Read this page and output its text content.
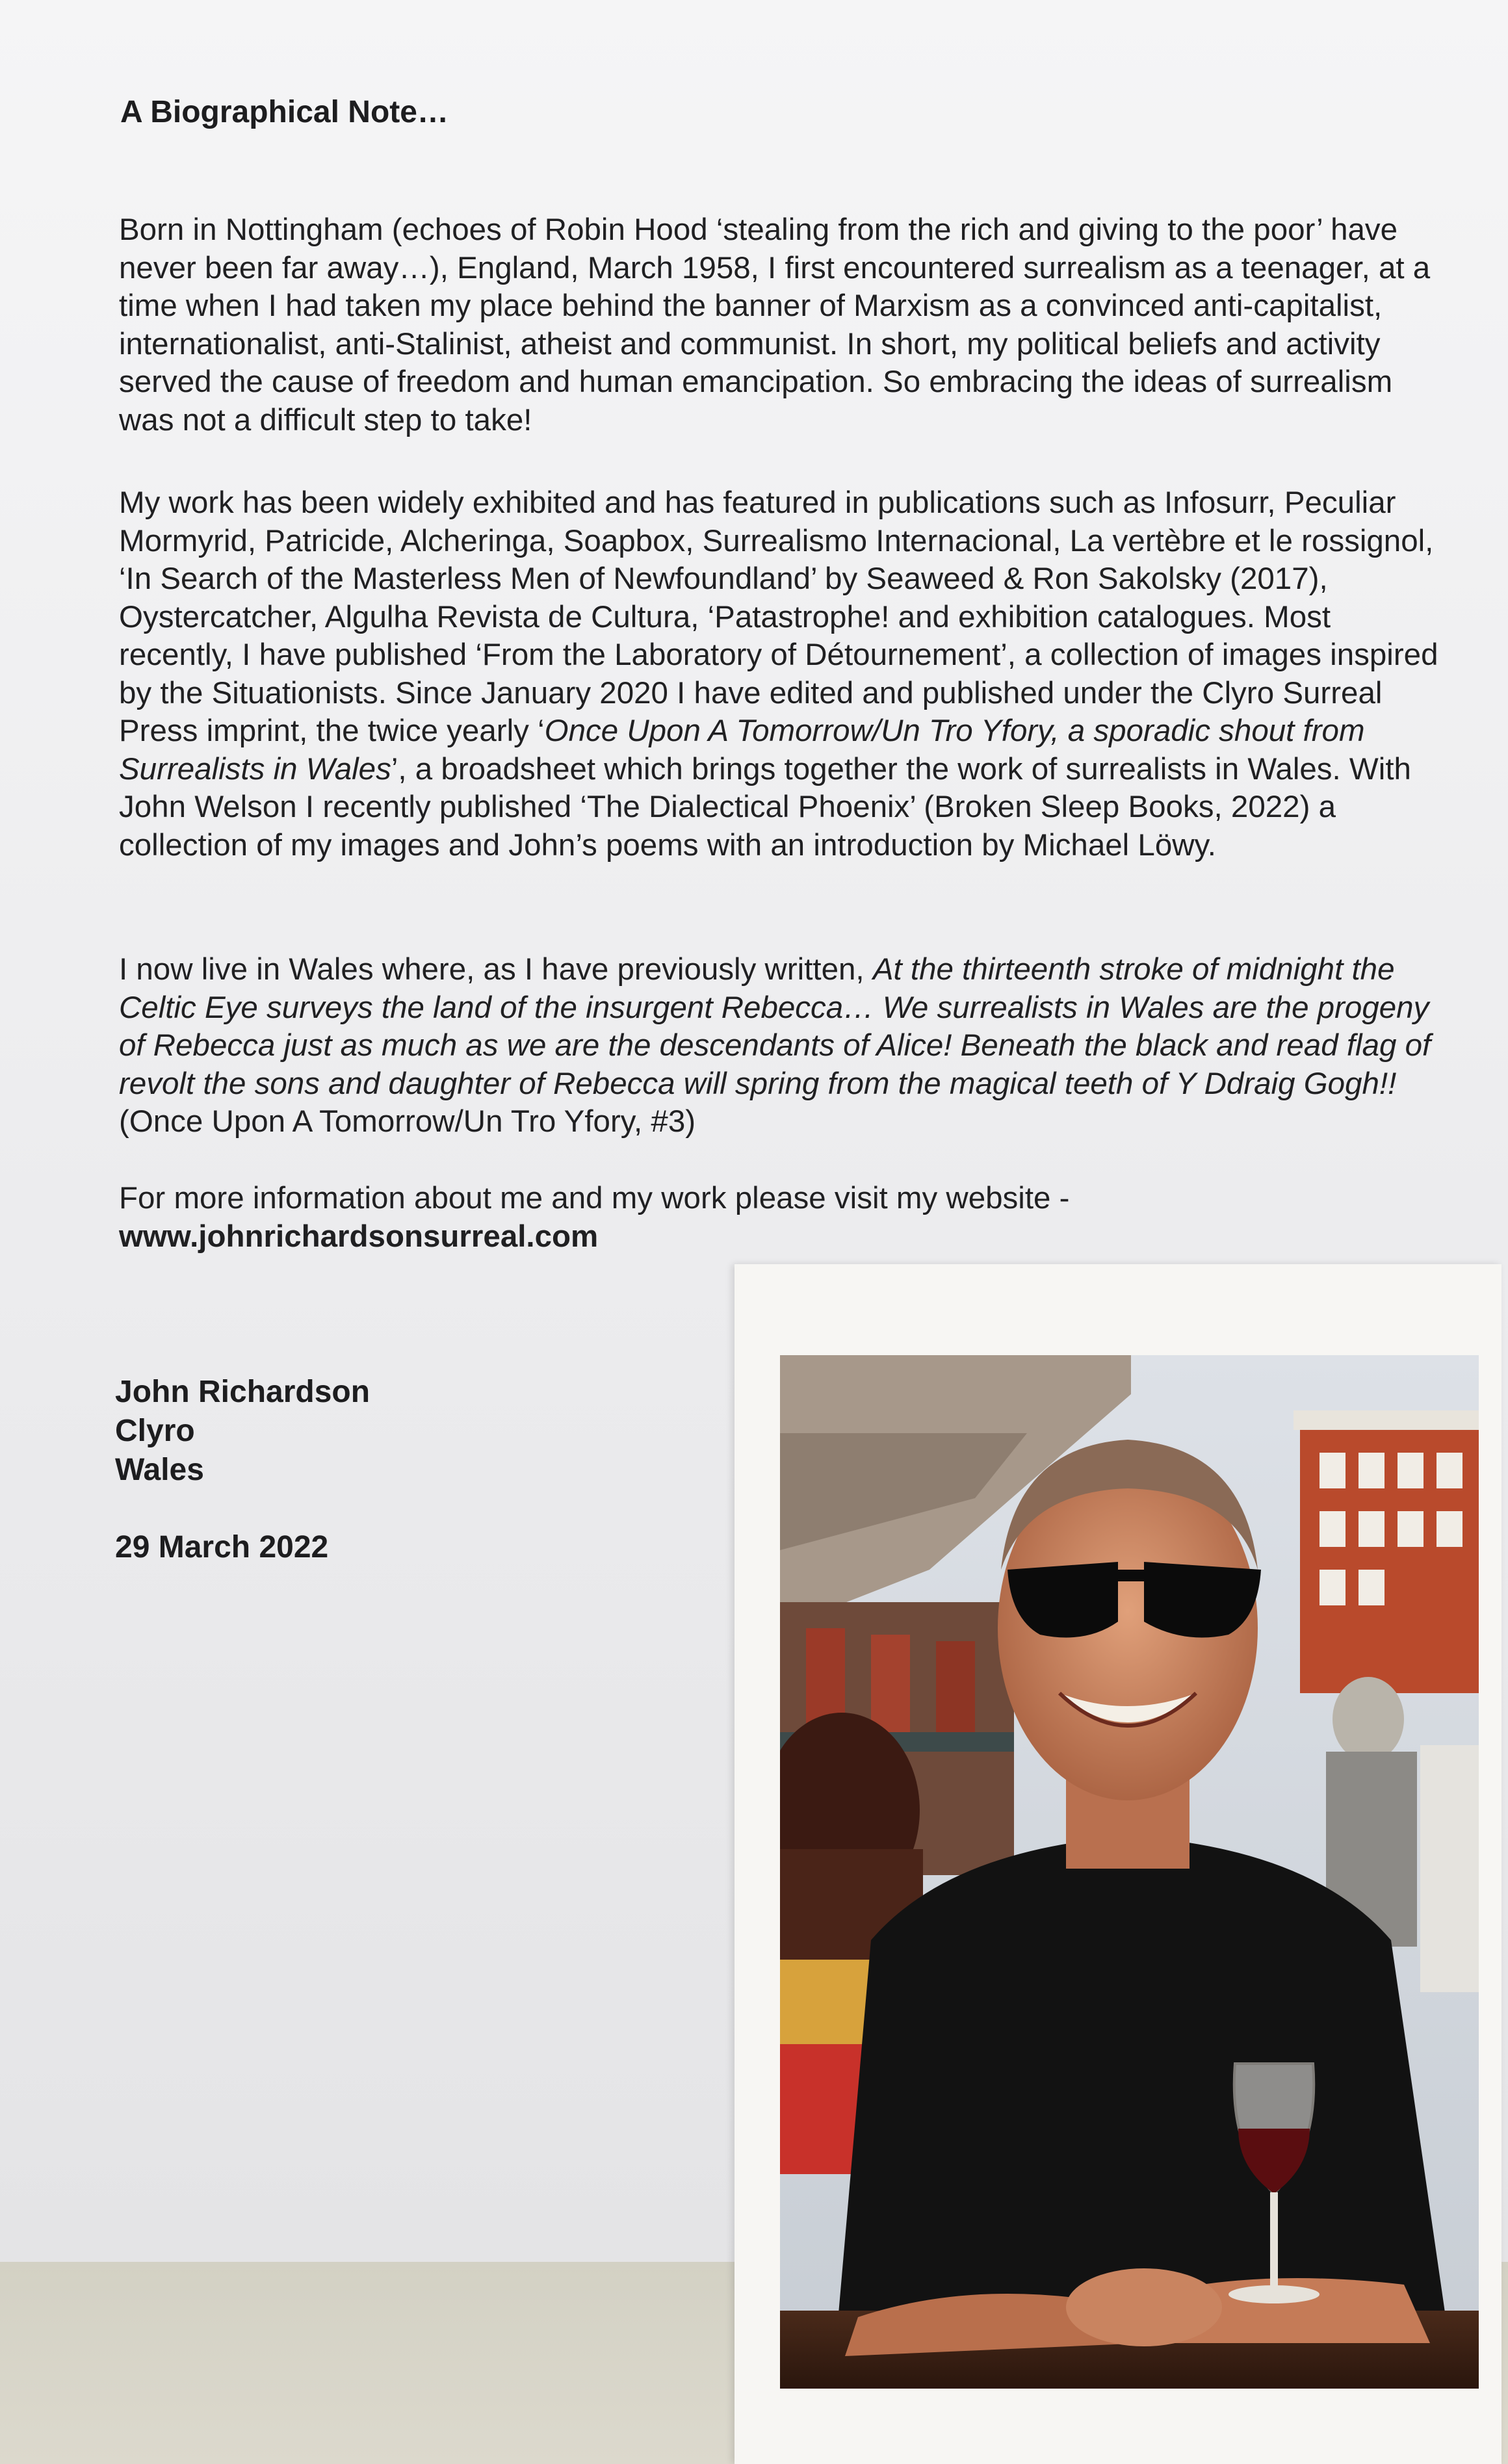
A Biographical Note…

Born in Nottingham (echoes of Robin Hood ‘stealing from the rich and giving to the poor’ have never been far away…), England, March 1958, I first encountered surrealism as a teenager, at a time when I had taken my place behind the banner of Marxism as a convinced anti-capitalist, internationalist, anti-Stalinist, atheist and communist. In short, my political beliefs and activity served the cause of freedom and human emancipation. So embracing the ideas of surrealism was not a difficult step to take!

My work has been widely exhibited and has featured in publications such as Infosurr, Peculiar Mormyrid, Patricide, Alcheringa, Soapbox, Surrealismo Internacional, La vertèbre et le rossignol, ‘In Search of the Masterless Men of Newfoundland’ by Seaweed & Ron Sakolsky (2017), Oystercatcher, Algulha Revista de Cultura, ‘Patastrophe! and exhibition catalogues. Most recently, I have published ‘From the Laboratory of Détournement’, a collection of images inspired by the Situationists. Since January 2020 I have edited and published under the Clyro Surreal Press imprint, the twice yearly ‘Once Upon A Tomorrow/Un Tro Yfory, a sporadic shout from Surrealists in Wales’, a broadsheet which brings together the work of surrealists in Wales. With John Welson I recently published ‘The Dialectical Phoenix’ (Broken Sleep Books, 2022) a collection of my images and John’s poems with an introduction by Michael Löwy.

I now live in Wales where, as I have previously written, At the thirteenth stroke of midnight the Celtic Eye surveys the land of the insurgent Rebecca… We surrealists in Wales are the progeny of Rebecca just as much as we are the descendants of Alice! Beneath the black and read flag of revolt the sons and daughter of Rebecca will spring from the magical teeth of Y Ddraig Gogh!! (Once Upon A Tomorrow/Un Tro Yfory, #3)

For more information about me and my work please visit my website -
www.johnrichardsonsurreal.com

John Richardson
Clyro
Wales

29 March 2022
